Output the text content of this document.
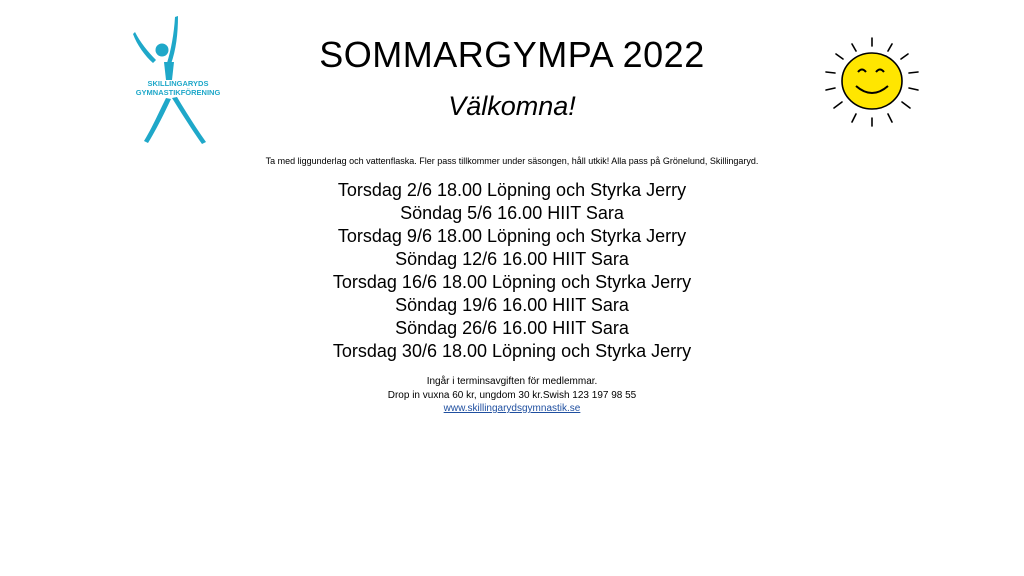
SKILLINGARYDS
GYMNASTIKFÖRENING
SOMMARGYMPA 2022
Välkomna!
Ta med liggunderlag och vattenflaska. Fler pass tillkommer under säsongen, håll utkik! Alla pass på Grönelund, Skillingaryd.
Torsdag 2/6 18.00 Löpning och Styrka Jerry
Söndag 5/6 16.00 HIIT Sara
Torsdag 9/6 18.00 Löpning och Styrka Jerry
Söndag 12/6 16.00 HIIT Sara
Torsdag 16/6 18.00 Löpning och Styrka Jerry
Söndag 19/6 16.00 HIIT Sara
Söndag 26/6 16.00 HIIT Sara
Torsdag 30/6 18.00 Löpning och Styrka Jerry
Ingår i terminsavgiften för medlemmar.
Drop in vuxna 60 kr, ungdom 30 kr.Swish 123 197 98 55
www.skillingarydsgymnastik.se
